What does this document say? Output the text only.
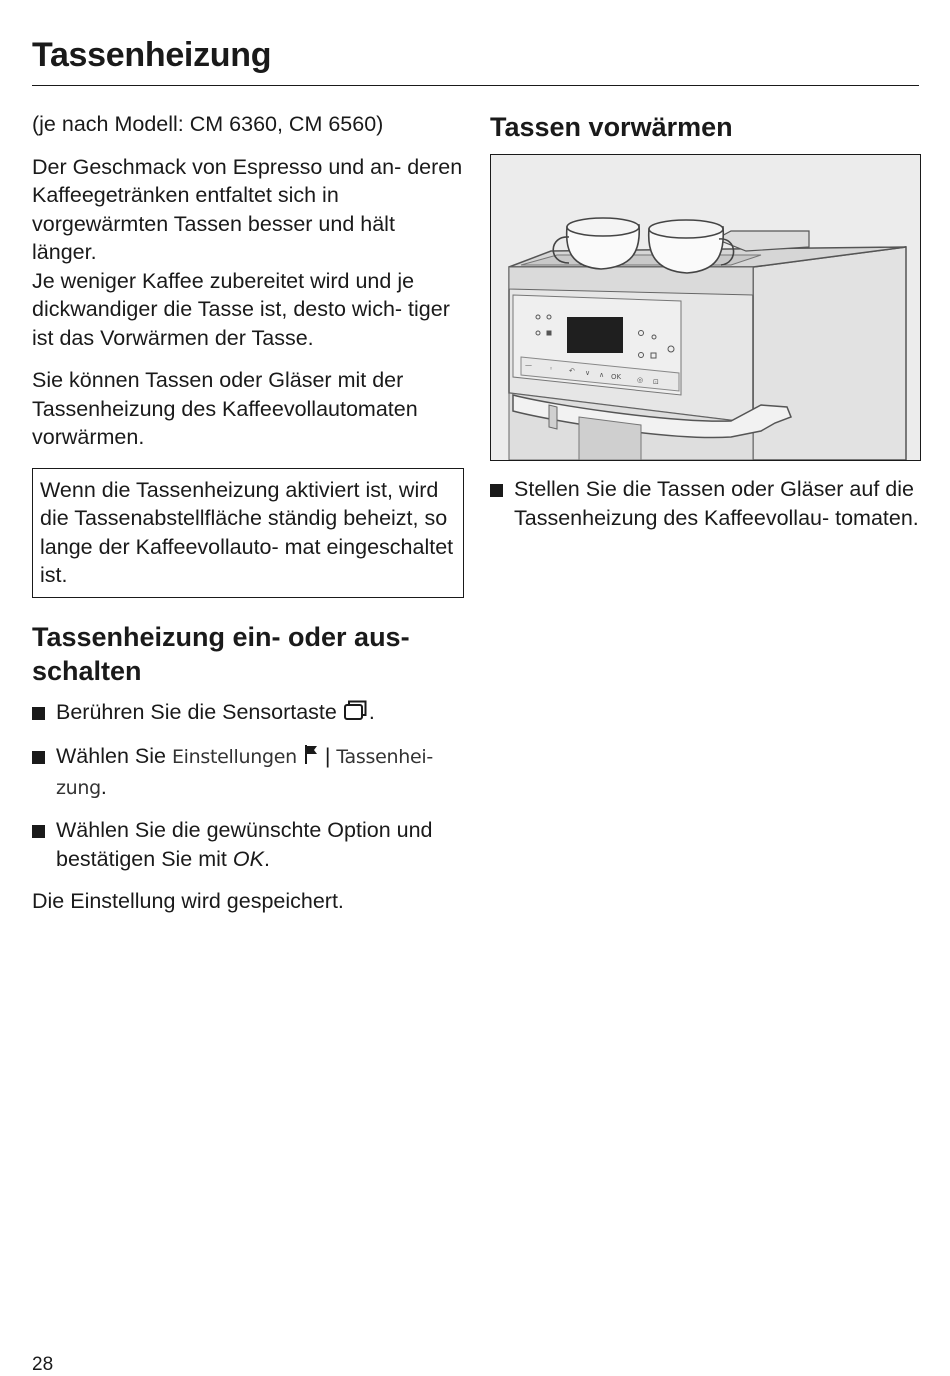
Tassenheizung

(je nach Modell: CM 6360, CM 6560)

Der Geschmack von Espresso und an- deren Kaffeegetränken entfaltet sich in vorgewärmten Tassen besser und hält länger.

Je weniger Kaffee zubereitet wird und je dickwandiger die Tasse ist, desto wich- tiger ist das Vorwärmen der Tasse.

Sie können Tassen oder Gläser mit der Tassenheizung des Kaffeevollautomaten vorwärmen.

Wenn die Tassenheizung aktiviert ist, wird die Tassenabstellfläche ständig beheizt, so lange der Kaffeevollauto- mat eingeschaltet ist.

Tassenheizung ein- oder aus- schalten
Berühren Sie die Sensortaste .
Wählen Sie Einstellungen | Tassenhei- zung.
Wählen Sie die gewünschte Option und bestätigen Sie mit OK.

Die Einstellung wird gespeichert.

Tassen vorwärmen
— ◦ ↶ ∨ ∧ OK ◎ ⊡
Stellen Sie die Tassen oder Gläser auf die Tassenheizung des Kaffeevollau- tomaten.
28
